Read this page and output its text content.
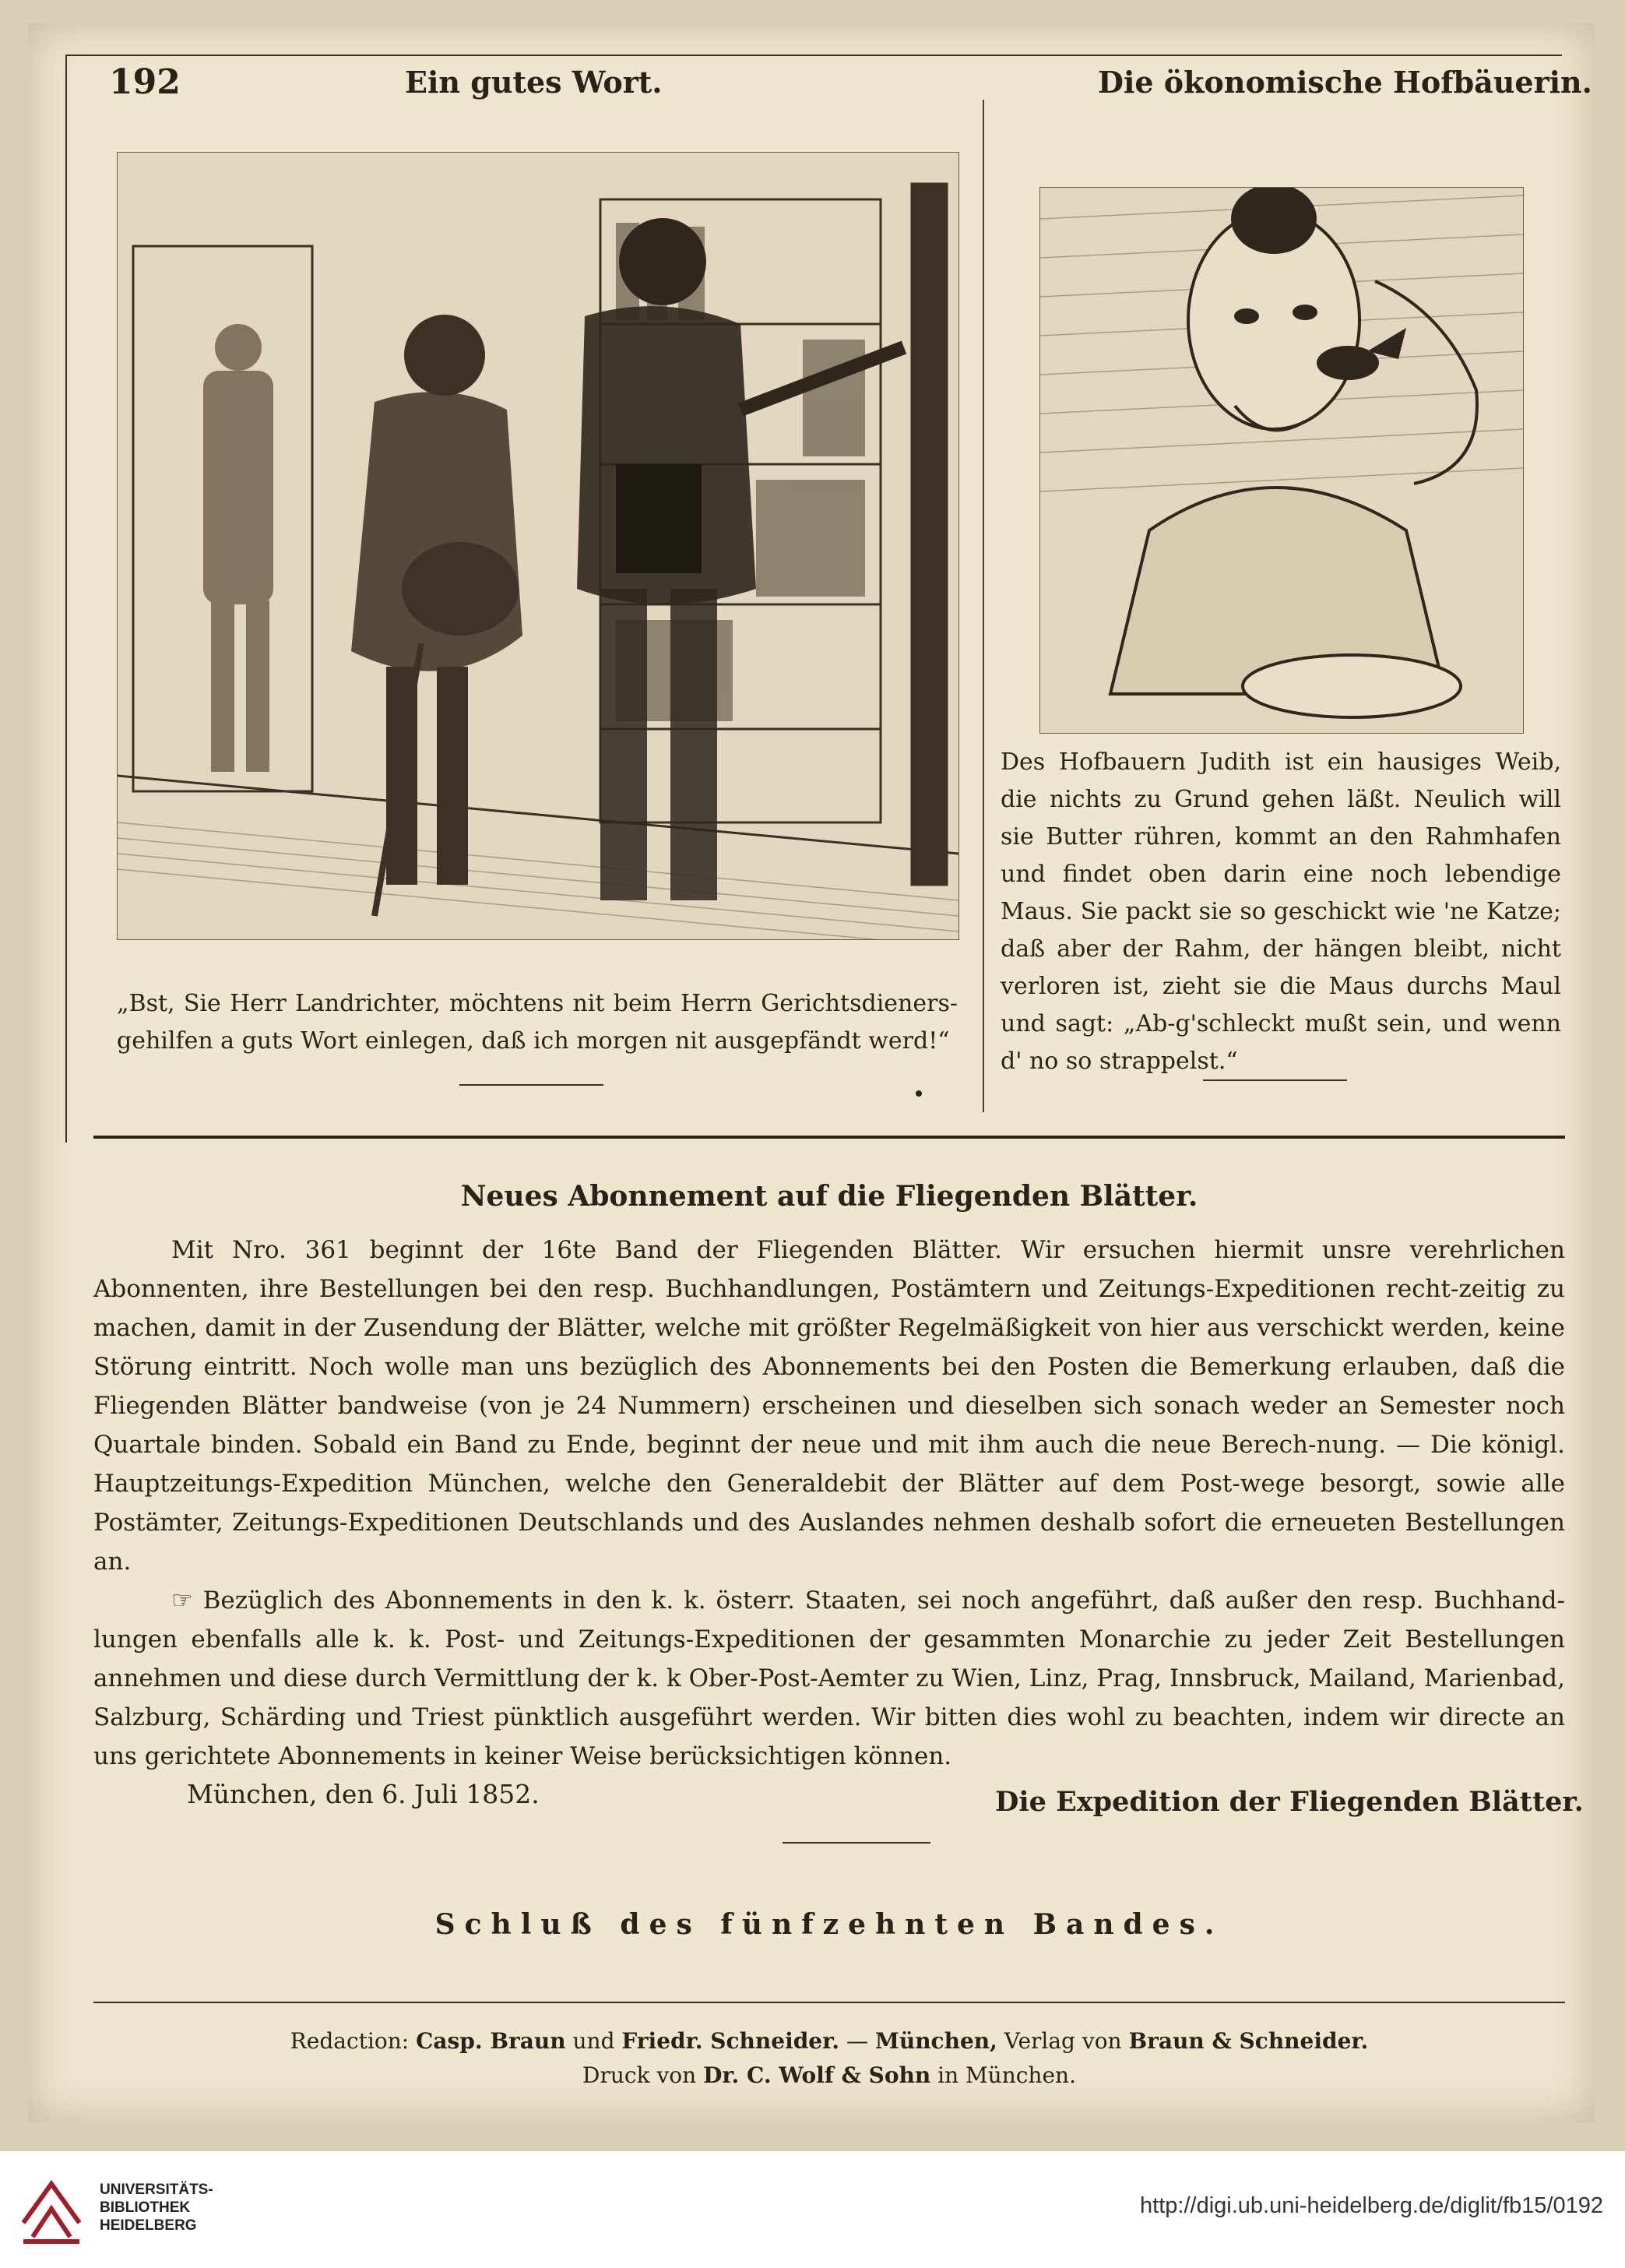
192	Ein gutes Wort.	Die ökonomische Hofbäuerin.
„Bst, Sie Herr Landrichter, möchtens nit beim Herrn Gerichtsdieners-gehilfen a guts Wort einlegen, daß ich morgen nit ausgepfändt werd!“
Des Hofbauern Judith ist ein hausiges Weib, die nichts zu Grund gehen läßt. Neulich will sie Butter rühren, kommt an den Rahmhafen und findet oben darin eine noch lebendige Maus. Sie packt sie so geschickt wie 'ne Katze; daß aber der Rahm, der hängen bleibt, nicht verloren ist, zieht sie die Maus durchs Maul und sagt: „Ab-g'schleckt mußt sein, und wenn d' no so strappelst.“
Neues Abonnement auf die Fliegenden Blätter.

Mit Nro. 361 beginnt der 16te Band der Fliegenden Blätter. Wir ersuchen hiermit unsre verehrlichen Abonnenten, ihre Bestellungen bei den resp. Buchhandlungen, Postämtern und Zeitungs-Expeditionen recht-zeitig zu machen, damit in der Zusendung der Blätter, welche mit größter Regelmäßigkeit von hier aus verschickt werden, keine Störung eintritt. Noch wolle man uns bezüglich des Abonnements bei den Posten die Bemerkung erlauben, daß die Fliegenden Blätter bandweise (von je 24 Nummern) erscheinen und dieselben sich sonach weder an Semester noch Quartale binden. Sobald ein Band zu Ende, beginnt der neue und mit ihm auch die neue Berech-nung. — Die königl. Hauptzeitungs-Expedition München, welche den Generaldebit der Blätter auf dem Post-wege besorgt, sowie alle Postämter, Zeitungs-Expeditionen Deutschlands und des Auslandes nehmen deshalb sofort die erneueten Bestellungen an.

☞ Bezüglich des Abonnements in den k. k. österr. Staaten, sei noch angeführt, daß außer den resp. Buchhand-lungen ebenfalls alle k. k. Post- und Zeitungs-Expeditionen der gesammten Monarchie zu jeder Zeit Bestellungen annehmen und diese durch Vermittlung der k. k Ober-Post-Aemter zu Wien, Linz, Prag, Innsbruck, Mailand, Marienbad, Salzburg, Schärding und Triest pünktlich ausgeführt werden. Wir bitten dies wohl zu beachten, indem wir directe an uns gerichtete Abonnements in keiner Weise berücksichtigen können.

München, den 6. Juli 1852.	Die Expedition der Fliegenden Blätter.
Schluß des fünfzehnten Bandes.
Redaction: Casp. Braun und Friedr. Schneider. — München, Verlag von Braun & Schneider.
Druck von Dr. C. Wolf & Sohn in München.
UNIVERSITÄTS-
BIBLIOTHEK
HEIDELBERG
http://digi.ub.uni-heidelberg.de/diglit/fb15/0192
